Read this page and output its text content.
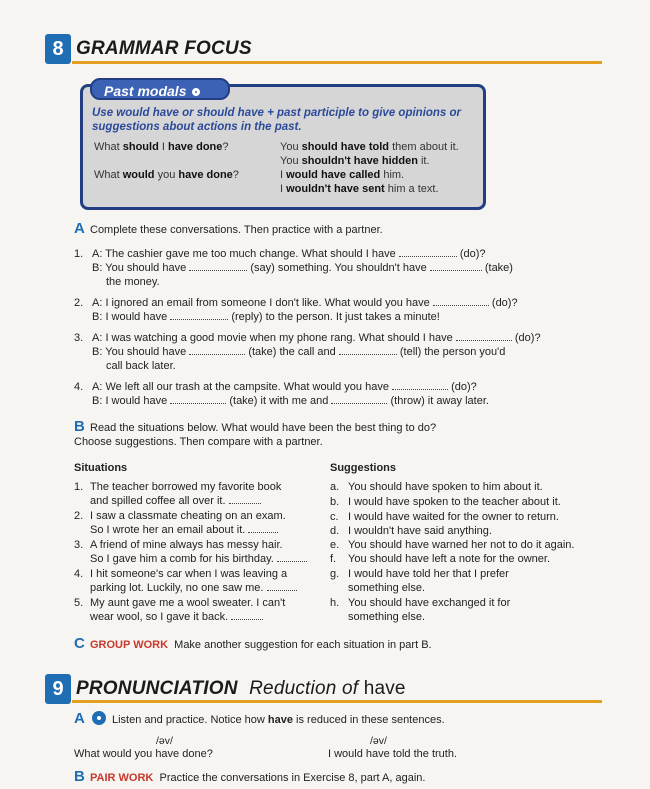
8 GRAMMAR FOCUS
Past modals
Use would have or should have + past participle to give opinions or suggestions about actions in the past.
What should I have done?	You should have told them about it.
You shouldn't have hidden it.
What would you have done?	I would have called him.
I wouldn't have sent him a text.
A Complete these conversations. Then practice with a partner.
1. A: The cashier gave me too much change. What should I have	(do)?
B: You should have	(say) something. You shouldn't have	(take)
the money.
2. A: I ignored an email from someone I don't like. What would you have	(do)?
B: I would have	(reply) to the person. It just takes a minute!
3. A: I was watching a good movie when my phone rang. What should I have	(do)?
B: You should have	(take) the call and	(tell) the person you'd
call back later.
4. A: We left all our trash at the campsite. What would you have	(do)?
B: I would have	(take) it with me and	(throw) it away later.
B Read the situations below. What would have been the best thing to do?
Choose suggestions. Then compare with a partner.
Situations	Suggestions
1. The teacher borrowed my favorite book
and spilled coffee all over it.
2. I saw a classmate cheating on an exam.
So I wrote her an email about it.
3. A friend of mine always has messy hair.
So I gave him a comb for his birthday.
4. I hit someone's car when I was leaving a
parking lot. Luckily, no one saw me.
5. My aunt gave me a wool sweater. I can't
wear wool, so I gave it back.
a. You should have spoken to him about it.
b. I would have spoken to the teacher about it.
c. I would have waited for the owner to return.
d. I wouldn't have said anything.
e. You should have warned her not to do it again.
f. You should have left a note for the owner.
g. I would have told her that I prefer
something else.
h. You should have exchanged it for
something else.
C GROUP WORK Make another suggestion for each situation in part B.
9 PRONUNCIATION Reduction of have
A Listen and practice. Notice how have is reduced in these sentences.
/əv/
What would you have done?
/əv/
I would have told the truth.
B PAIR WORK Practice the conversations in Exercise 8, part A, again.
